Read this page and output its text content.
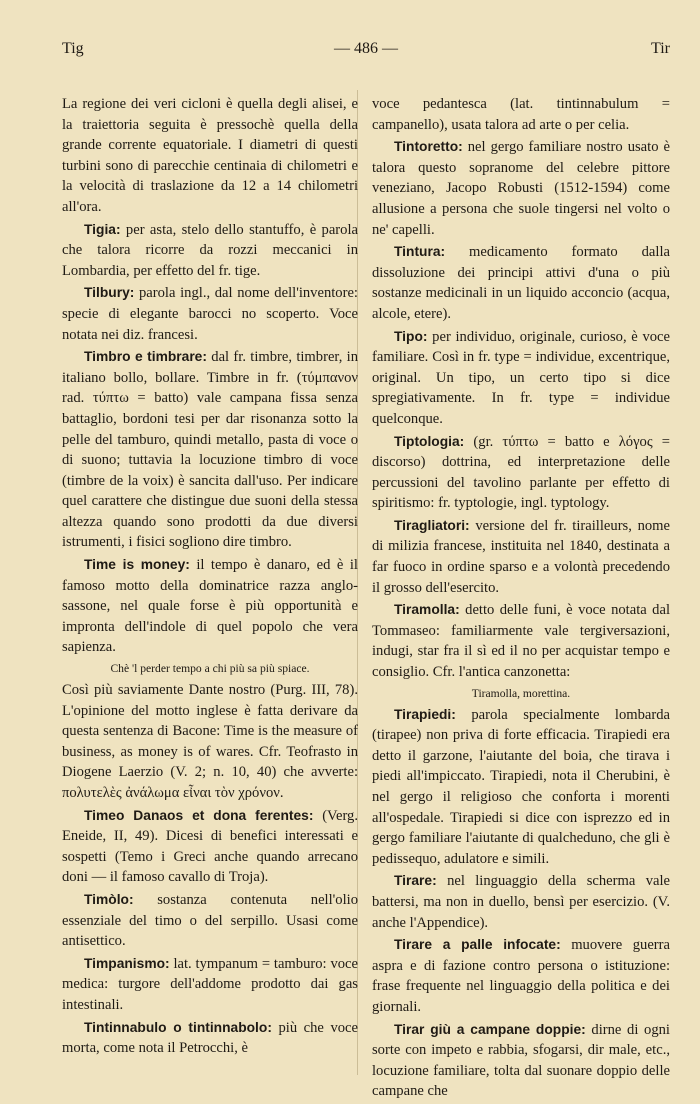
Tig	— 486 —	Tir

La regione dei veri cicloni è quella degli alisei, e la traiettoria seguita è pressochè quella della grande corrente equatoriale. I diametri di questi turbini sono di parecchie centinaia di chilometri e la velocità di traslazione da 12 a 14 chilometri all'ora.

Tigia: per asta, stelo dello stantuffo, è parola che talora ricorre da rozzi meccanici in Lombardia, per effetto del fr. tige.

Tilbury: parola ingl., dal nome dell'inventore: specie di elegante barocci no scoperto. Voce notata nei diz. francesi.

Timbro e timbrare: dal fr. timbre, timbrer, in italiano bollo, bollare. Timbre in fr. (τύμπανον rad. τύπτω = batto) vale campana fissa senza battaglio, bordoni tesi per dar risonanza sotto la pelle del tamburo, quindi metallo, pasta di voce o di suono; tuttavia la locuzione timbro di voce (timbre de la voix) è sancita dall'uso. Per indicare quel carattere che distingue due suoni della stessa altezza quando sono prodotti da due diversi istrumenti, i fisici sogliono dire timbro.

Time is money: il tempo è danaro, ed è il famoso motto della dominatrice razza anglo-sassone, nel quale forse è più opportunità e impronta dell'indole di quel popolo che vera sapienza.

Chè 'l perder tempo a chi più sa più spiace.

Così più saviamente Dante nostro (Purg. III, 78). L'opinione del motto inglese è fatta derivare da questa sentenza di Bacone: Time is the measure of business, as money is of wares. Cfr. Teofrasto in Diogene Laerzio (V. 2; n. 10, 40) che avverte: πολυτελὲς ἀνάλωμα εἶναι τὸν χρόνον.

Timeo Danaos et dona ferentes: (Verg. Eneide, II, 49). Dicesi di benefici interessati e sospetti (Temo i Greci anche quando arrecano doni — il famoso cavallo di Troja).

Timòlo: sostanza contenuta nell'olio essenziale del timo o del serpillo. Usasi come antisettico.

Timpanismo: lat. tympanum = tamburo: voce medica: turgore dell'addome prodotto dai gas intestinali.

Tintinnabulo o tintinnabolo: più che voce morta, come nota il Petrocchi, è

voce pedantesca (lat. tintinnabulum = campanello), usata talora ad arte o per celia.

Tintoretto: nel gergo familiare nostro usato è talora questo sopranome del celebre pittore veneziano, Jacopo Robusti (1512-1594) come allusione a persona che suole tingersi nel volto o ne' capelli.

Tintura: medicamento formato dalla dissoluzione dei principi attivi d'una o più sostanze medicinali in un liquido acconcio (acqua, alcole, etere).

Tipo: per individuo, originale, curioso, è voce familiare. Così in fr. type = individue, excentrique, original. Un tipo, un certo tipo si dice spregiativamente. In fr. type = individue quelconque.

Tiptologia: (gr. τύπτω = batto e λόγος = discorso) dottrina, ed interpretazione delle percussioni del tavolino parlante per effetto di spiritismo: fr. typtologie, ingl. typtology.

Tiragliatori: versione del fr. tirailleurs, nome di milizia francese, instituita nel 1840, destinata a far fuoco in ordine sparso e a volontà precedendo il grosso dell'esercito.

Tiramolla: detto delle funi, è voce notata dal Tommaseo: familiarmente vale tergiversazioni, indugi, star fra il sì ed il no per acquistar tempo e consiglio. Cfr. l'antica canzonetta:

Tiramolla, morettina.

Tirapiedi: parola specialmente lombarda (tirapee) non priva di forte efficacia. Tirapiedi era detto il garzone, l'aiutante del boia, che tirava i piedi all'impiccato. Tirapiedi, nota il Cherubini, è nel gergo il religioso che conforta i morenti all'ospedale. Tirapiedi si dice con isprezzo ed in gergo familiare l'aiutante di qualcheduno, che gli è pedissequo, adulatore e simili.

Tirare: nel linguaggio della scherma vale battersi, ma non in duello, bensì per esercizio. (V. anche l'Appendice).

Tirare a palle infocate: muovere guerra aspra e di fazione contro persona o istituzione: frase frequente nel linguaggio della politica e dei giornali.

Tirar giù a campane doppie: dirne di ogni sorte con impeto e rabbia, sfogarsi, dir male, etc., locuzione familiare, tolta dal suonare doppio delle campane che
